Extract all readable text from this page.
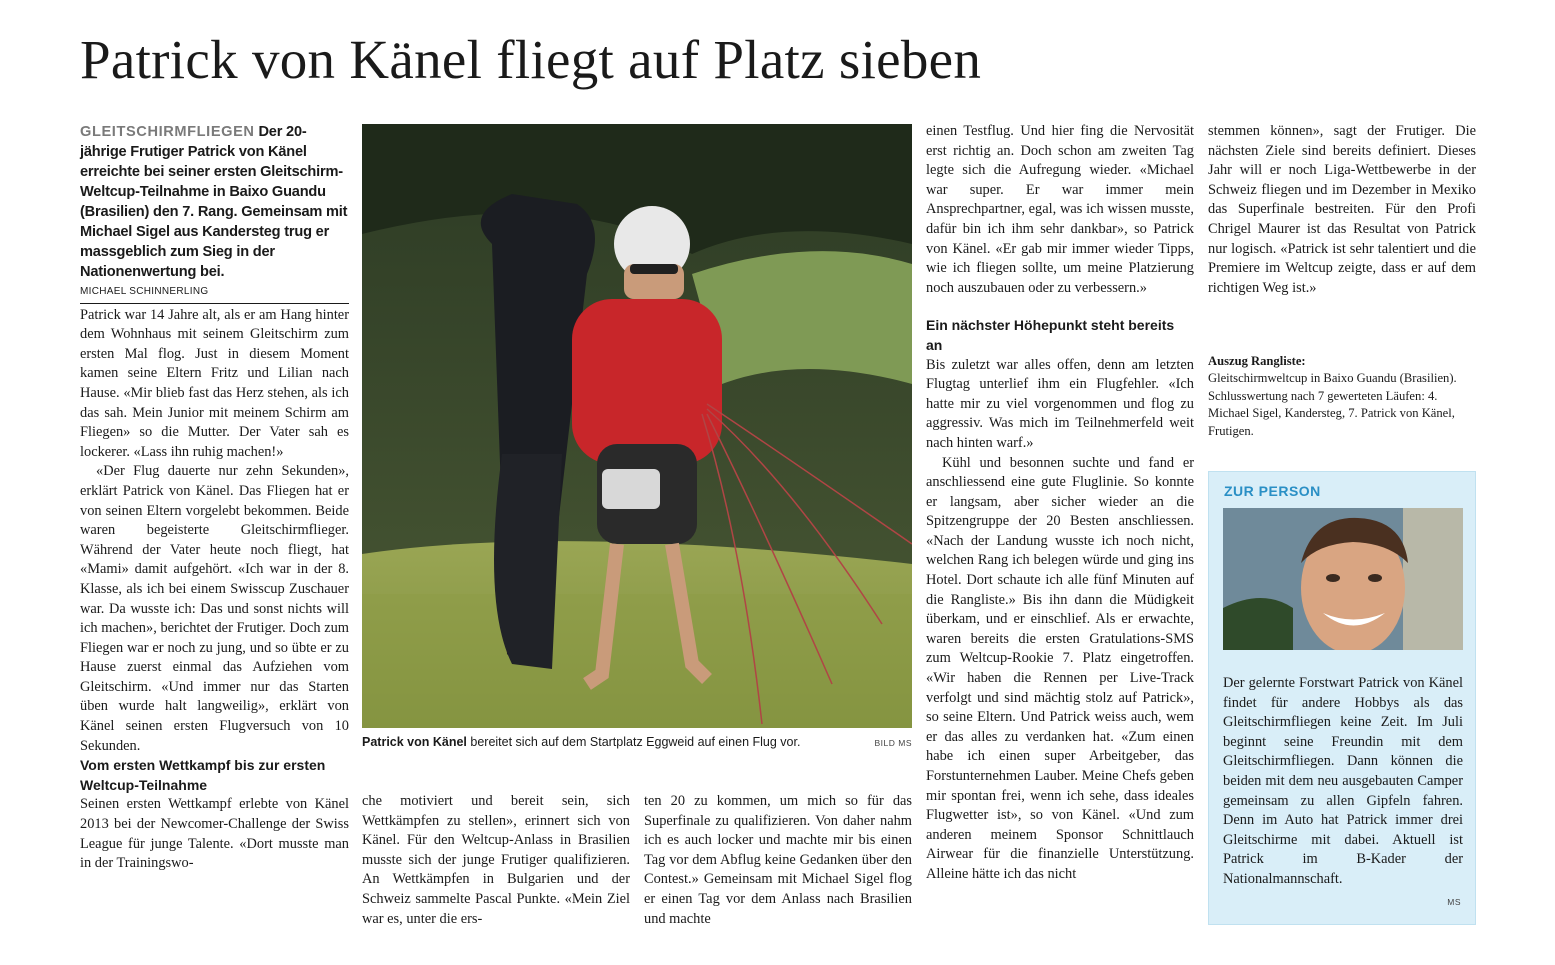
Patrick von Känel fliegt auf Platz sieben

GLEITSCHIRMFLIEGEN Der 20-jährige Frutiger Patrick von Känel erreichte bei seiner ersten Gleitschirm-Weltcup-Teilnahme in Baixo Guandu (Brasilien) den 7. Rang. Gemeinsam mit Michael Sigel aus Kandersteg trug er massgeblich zum Sieg in der Nationenwertung bei.

MICHAEL SCHINNERLING

Patrick war 14 Jahre alt, als er am Hang hinter dem Wohnhaus mit seinem Gleitschirm zum ersten Mal flog. Just in diesem Moment kamen seine Eltern Fritz und Lilian nach Hause. «Mir blieb fast das Herz stehen, als ich das sah. Mein Junior mit meinem Schirm am Fliegen» so die Mutter. Der Vater sah es lockerer. «Lass ihn ruhig machen!»

«Der Flug dauerte nur zehn Sekunden», erklärt Patrick von Känel. Das Fliegen hat er von seinen Eltern vorgelebt bekommen. Beide waren begeisterte Gleitschirmflieger. Während der Vater heute noch fliegt, hat «Mami» damit aufgehört. «Ich war in der 8. Klasse, als ich bei einem Swisscup Zuschauer war. Da wusste ich: Das und sonst nichts will ich machen», berichtet der Frutiger. Doch zum Fliegen war er noch zu jung, und so übte er zu Hause zuerst einmal das Aufziehen vom Gleitschirm. «Und immer nur das Starten üben wurde halt langweilig», erklärt von Känel seinen ersten Flugversuch von 10 Sekunden.

Vom ersten Wettkampf bis zur ersten Weltcup-Teilnahme

Seinen ersten Wettkampf erlebte von Känel 2013 bei der Newcomer-Challenge der Swiss League für junge Talente. «Dort musste man in der Trainingswo-

Patrick von Känel bereitet sich auf dem Startplatz Eggweid auf einen Flug vor.	BILD MS

che motiviert und bereit sein, sich Wettkämpfen zu stellen», erinnert sich von Känel. Für den Weltcup-Anlass in Brasilien musste sich der junge Frutiger qualifizieren. An Wettkämpfen in Bulgarien und der Schweiz sammelte Pascal Punkte. «Mein Ziel war es, unter die ers-

ten 20 zu kommen, um mich so für das Superfinale zu qualifizieren. Von daher nahm ich es auch locker und machte mir bis einen Tag vor dem Abflug keine Gedanken über den Contest.» Gemeinsam mit Michael Sigel flog er einen Tag vor dem Anlass nach Brasilien und machte

einen Testflug. Und hier fing die Nervosität erst richtig an. Doch schon am zweiten Tag legte sich die Aufregung wieder. «Michael war super. Er war immer mein Ansprechpartner, egal, was ich wissen musste, dafür bin ich ihm sehr dankbar», so Patrick von Känel. «Er gab mir immer wieder Tipps, wie ich fliegen sollte, um meine Platzierung noch auszubauen oder zu verbessern.»

Ein nächster Höhepunkt steht bereits an

Bis zuletzt war alles offen, denn am letzten Flugtag unterlief ihm ein Flugfehler. «Ich hatte mir zu viel vorgenommen und flog zu aggressiv. Was mich im Teilnehmerfeld weit nach hinten warf.»

Kühl und besonnen suchte und fand er anschliessend eine gute Fluglinie. So konnte er langsam, aber sicher wieder an die Spitzengruppe der 20 Besten anschliessen. «Nach der Landung wusste ich noch nicht, welchen Rang ich belegen würde und ging ins Hotel. Dort schaute ich alle fünf Minuten auf die Rangliste.» Bis ihn dann die Müdigkeit überkam, und er einschlief. Als er erwachte, waren bereits die ersten Gratulations-SMS zum Weltcup-Rookie 7. Platz eingetroffen. «Wir haben die Rennen per Live-Track verfolgt und sind mächtig stolz auf Patrick», so seine Eltern. Und Patrick weiss auch, wem er das alles zu verdanken hat. «Zum einen habe ich einen super Arbeitgeber, das Forstunternehmen Lauber. Meine Chefs geben mir spontan frei, wenn ich sehe, dass ideales Flugwetter ist», so von Känel. «Und zum anderen meinem Sponsor Schnittlauch Airwear für die finanzielle Unterstützung. Alleine hätte ich das nicht

stemmen können», sagt der Frutiger. Die nächsten Ziele sind bereits definiert. Dieses Jahr will er noch Liga-Wettbewerbe in der Schweiz fliegen und im Dezember in Mexiko das Superfinale bestreiten. Für den Profi Chrigel Maurer ist das Resultat von Patrick nur logisch. «Patrick ist sehr talentiert und die Premiere im Weltcup zeigte, dass er auf dem richtigen Weg ist.»

Auszug Rangliste:
Gleitschirmweltcup in Baixo Guandu (Brasilien). Schlusswertung nach 7 gewerteten Läufen: 4. Michael Sigel, Kandersteg, 7. Patrick von Känel, Frutigen.
ZUR PERSON
Der gelernte Forstwart Patrick von Känel findet für andere Hobbys als das Gleitschirmfliegen keine Zeit. Im Juli beginnt seine Freundin mit dem Gleitschirmfliegen. Dann können die beiden mit dem neu ausgebauten Camper gemeinsam zu allen Gipfeln fahren. Denn im Auto hat Patrick immer drei Gleitschirme mit dabei. Aktuell ist Patrick im B-Kader der Nationalmannschaft.
MS
